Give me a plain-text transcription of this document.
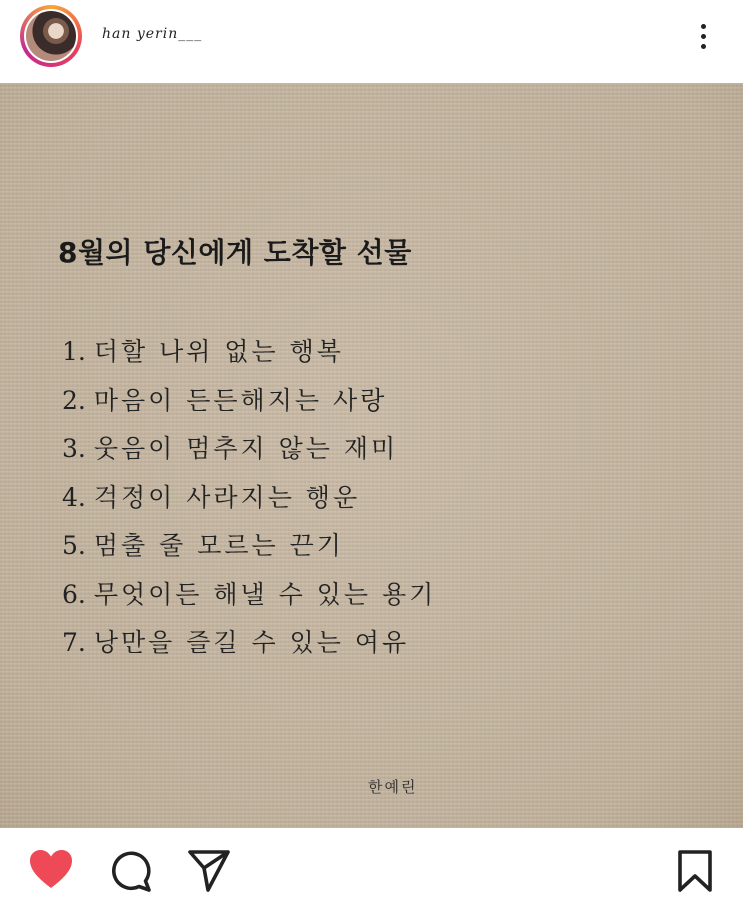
han yerin___
8월의 당신에게 도착할 선물
1. 더할 나위 없는 행복
2. 마음이 든든해지는 사랑
3. 웃음이 멈추지 않는 재미
4. 걱정이 사라지는 행운
5. 멈출 줄 모르는 끈기
6. 무엇이든 해낼 수 있는 용기
7. 낭만을 즐길 수 있는 여유
한예린
